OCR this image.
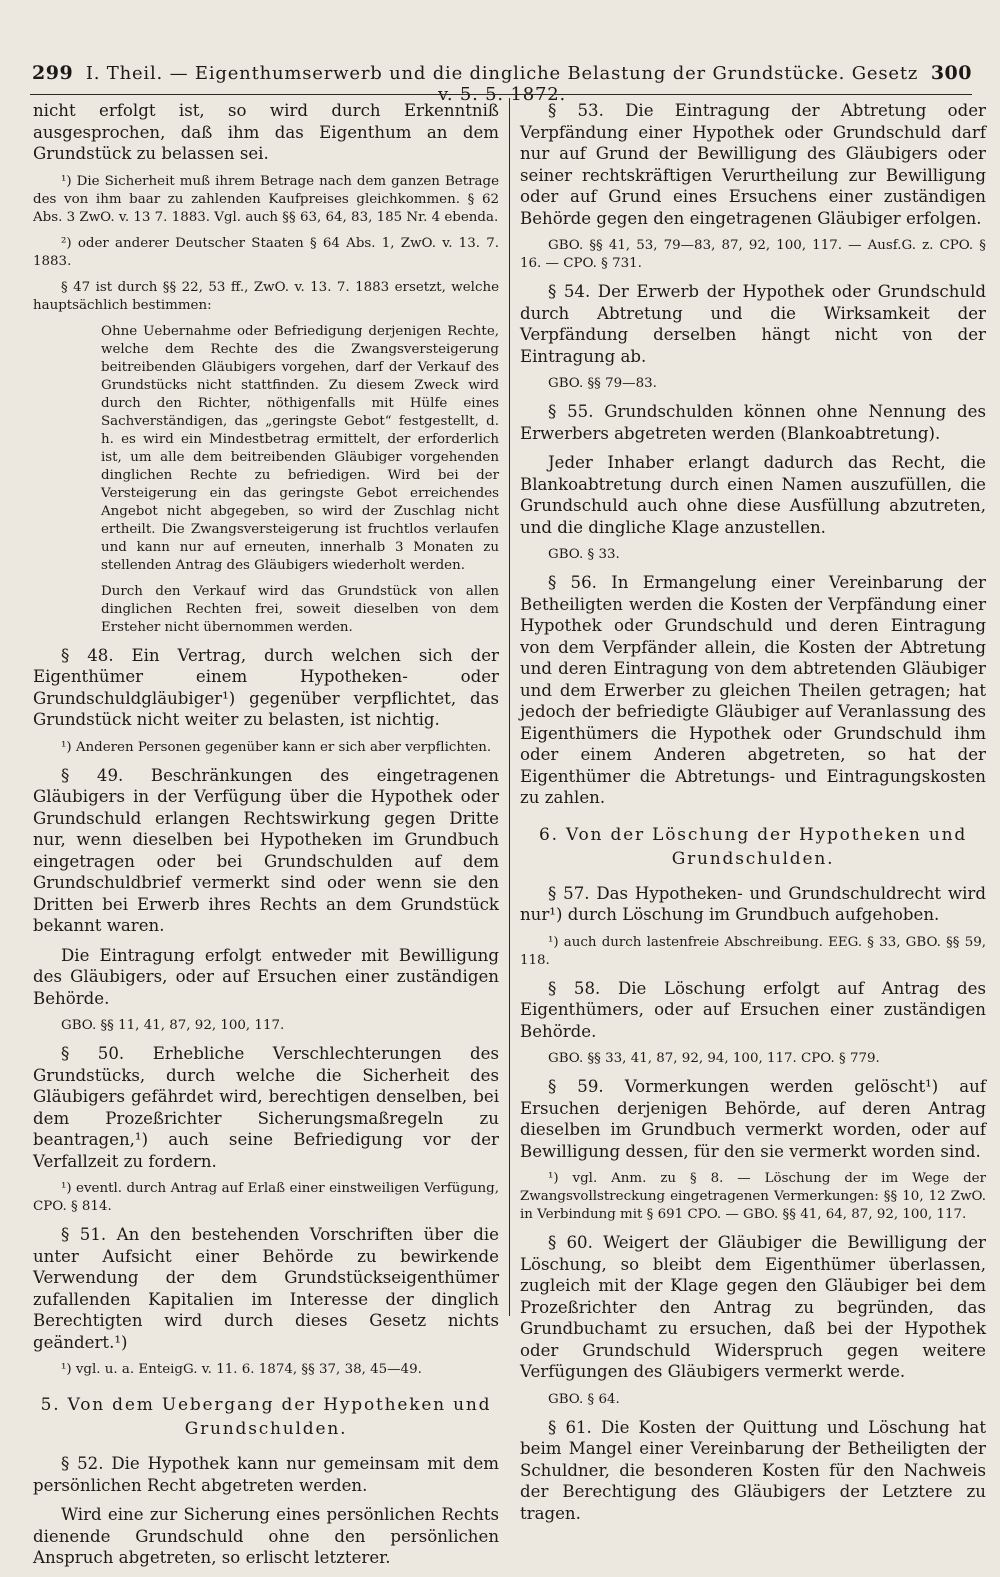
299 I. Theil. — Eigenthumserwerb und die dingliche Belastung der Grundstücke. Gesetz v. 5. 5. 1872.
300

nicht erfolgt ist, so wird durch Erkenntniß ausgesprochen, daß ihm das Eigenthum an dem Grundstück zu belassen sei.

¹) Die Sicherheit muß ihrem Betrage nach dem ganzen Betrage des von ihm baar zu zahlenden Kaufpreises gleichkommen. § 62 Abs. 3 ZwO. v. 13 7. 1883. Vgl. auch §§ 63, 64, 83, 185 Nr. 4 ebenda.

²) oder anderer Deutscher Staaten § 64 Abs. 1, ZwO. v. 13. 7. 1883.

§ 47 ist durch §§ 22, 53 ff., ZwO. v. 13. 7. 1883 ersetzt, welche hauptsächlich bestimmen:

Ohne Uebernahme oder Befriedigung derjenigen Rechte, welche dem Rechte des die Zwangsversteigerung beitreibenden Gläubigers vorgehen, darf der Verkauf des Grundstücks nicht stattfinden. Zu diesem Zweck wird durch den Richter, nöthigenfalls mit Hülfe eines Sachverständigen, das „geringste Gebot“ festgestellt, d. h. es wird ein Mindestbetrag ermittelt, der erforderlich ist, um alle dem beitreibenden Gläubiger vorgehenden dinglichen Rechte zu befriedigen. Wird bei der Versteigerung ein das geringste Gebot erreichendes Angebot nicht abgegeben, so wird der Zuschlag nicht ertheilt. Die Zwangsversteigerung ist fruchtlos verlaufen und kann nur auf erneuten, innerhalb 3 Monaten zu stellenden Antrag des Gläubigers wiederholt werden.

Durch den Verkauf wird das Grundstück von allen dinglichen Rechten frei, soweit dieselben von dem Ersteher nicht übernommen werden.

§ 48. Ein Vertrag, durch welchen sich der Eigenthümer einem Hypotheken- oder Grundschuldgläubiger¹) gegenüber verpflichtet, das Grundstück nicht weiter zu belasten, ist nichtig.

¹) Anderen Personen gegenüber kann er sich aber verpflichten.

§ 49. Beschränkungen des eingetragenen Gläubigers in der Verfügung über die Hypothek oder Grundschuld erlangen Rechtswirkung gegen Dritte nur, wenn dieselben bei Hypotheken im Grundbuch eingetragen oder bei Grundschulden auf dem Grundschuldbrief vermerkt sind oder wenn sie den Dritten bei Erwerb ihres Rechts an dem Grundstück bekannt waren.

Die Eintragung erfolgt entweder mit Bewilligung des Gläubigers, oder auf Ersuchen einer zuständigen Behörde.

GBO. §§ 11, 41, 87, 92, 100, 117.

§ 50. Erhebliche Verschlechterungen des Grundstücks, durch welche die Sicherheit des Gläubigers gefährdet wird, berechtigen denselben, bei dem Prozeßrichter Sicherungsmaßregeln zu beantragen,¹) auch seine Befriedigung vor der Verfallzeit zu fordern.

¹) eventl. durch Antrag auf Erlaß einer einstweiligen Verfügung, CPO. § 814.

§ 51. An den bestehenden Vorschriften über die unter Aufsicht einer Behörde zu bewirkende Verwendung der dem Grundstückseigenthümer zufallenden Kapitalien im Interesse der dinglich Berechtigten wird durch dieses Gesetz nichts geändert.¹)

¹) vgl. u. a. EnteigG. v. 11. 6. 1874, §§ 37, 38, 45—49.

5. Von dem Uebergang der Hypotheken und Grundschulden.

§ 52. Die Hypothek kann nur gemeinsam mit dem persönlichen Recht abgetreten werden.

Wird eine zur Sicherung eines persönlichen Rechts dienende Grundschuld ohne den persönlichen Anspruch abgetreten, so erlischt letzterer.

§ 53. Die Eintragung der Abtretung oder Verpfändung einer Hypothek oder Grundschuld darf nur auf Grund der Bewilligung des Gläubigers oder seiner rechtskräftigen Verurtheilung zur Bewilligung oder auf Grund eines Ersuchens einer zuständigen Behörde gegen den eingetragenen Gläubiger erfolgen.

GBO. §§ 41, 53, 79—83, 87, 92, 100, 117. — Ausf.G. z. CPO. § 16. — CPO. § 731.

§ 54. Der Erwerb der Hypothek oder Grundschuld durch Abtretung und die Wirksamkeit der Verpfändung derselben hängt nicht von der Eintragung ab.

GBO. §§ 79—83.

§ 55. Grundschulden können ohne Nennung des Erwerbers abgetreten werden (Blankoabtretung).

Jeder Inhaber erlangt dadurch das Recht, die Blankoabtretung durch einen Namen auszufüllen, die Grundschuld auch ohne diese Ausfüllung abzutreten, und die dingliche Klage anzustellen.

GBO. § 33.

§ 56. In Ermangelung einer Vereinbarung der Betheiligten werden die Kosten der Verpfändung einer Hypothek oder Grundschuld und deren Eintragung von dem Verpfänder allein, die Kosten der Abtretung und deren Eintragung von dem abtretenden Gläubiger und dem Erwerber zu gleichen Theilen getragen; hat jedoch der befriedigte Gläubiger auf Veranlassung des Eigenthümers die Hypothek oder Grundschuld ihm oder einem Anderen abgetreten, so hat der Eigenthümer die Abtretungs- und Eintragungskosten zu zahlen.

6. Von der Löschung der Hypotheken und Grundschulden.

§ 57. Das Hypotheken- und Grundschuldrecht wird nur¹) durch Löschung im Grundbuch aufgehoben.

¹) auch durch lastenfreie Abschreibung. EEG. § 33, GBO. §§ 59, 118.

§ 58. Die Löschung erfolgt auf Antrag des Eigenthümers, oder auf Ersuchen einer zuständigen Behörde.

GBO. §§ 33, 41, 87, 92, 94, 100, 117. CPO. § 779.

§ 59. Vormerkungen werden gelöscht¹) auf Ersuchen derjenigen Behörde, auf deren Antrag dieselben im Grundbuch vermerkt worden, oder auf Bewilligung dessen, für den sie vermerkt worden sind.

¹) vgl. Anm. zu § 8. — Löschung der im Wege der Zwangsvollstreckung eingetragenen Vermerkungen: §§ 10, 12 ZwO. in Verbindung mit § 691 CPO. — GBO. §§ 41, 64, 87, 92, 100, 117.

§ 60. Weigert der Gläubiger die Bewilligung der Löschung, so bleibt dem Eigenthümer überlassen, zugleich mit der Klage gegen den Gläubiger bei dem Prozeßrichter den Antrag zu begründen, das Grundbuchamt zu ersuchen, daß bei der Hypothek oder Grundschuld Widerspruch gegen weitere Verfügungen des Gläubigers vermerkt werde.

GBO. § 64.

§ 61. Die Kosten der Quittung und Löschung hat beim Mangel einer Vereinbarung der Betheiligten der Schuldner, die besonderen Kosten für den Nachweis der Berechtigung des Gläubigers der Letztere zu tragen.
